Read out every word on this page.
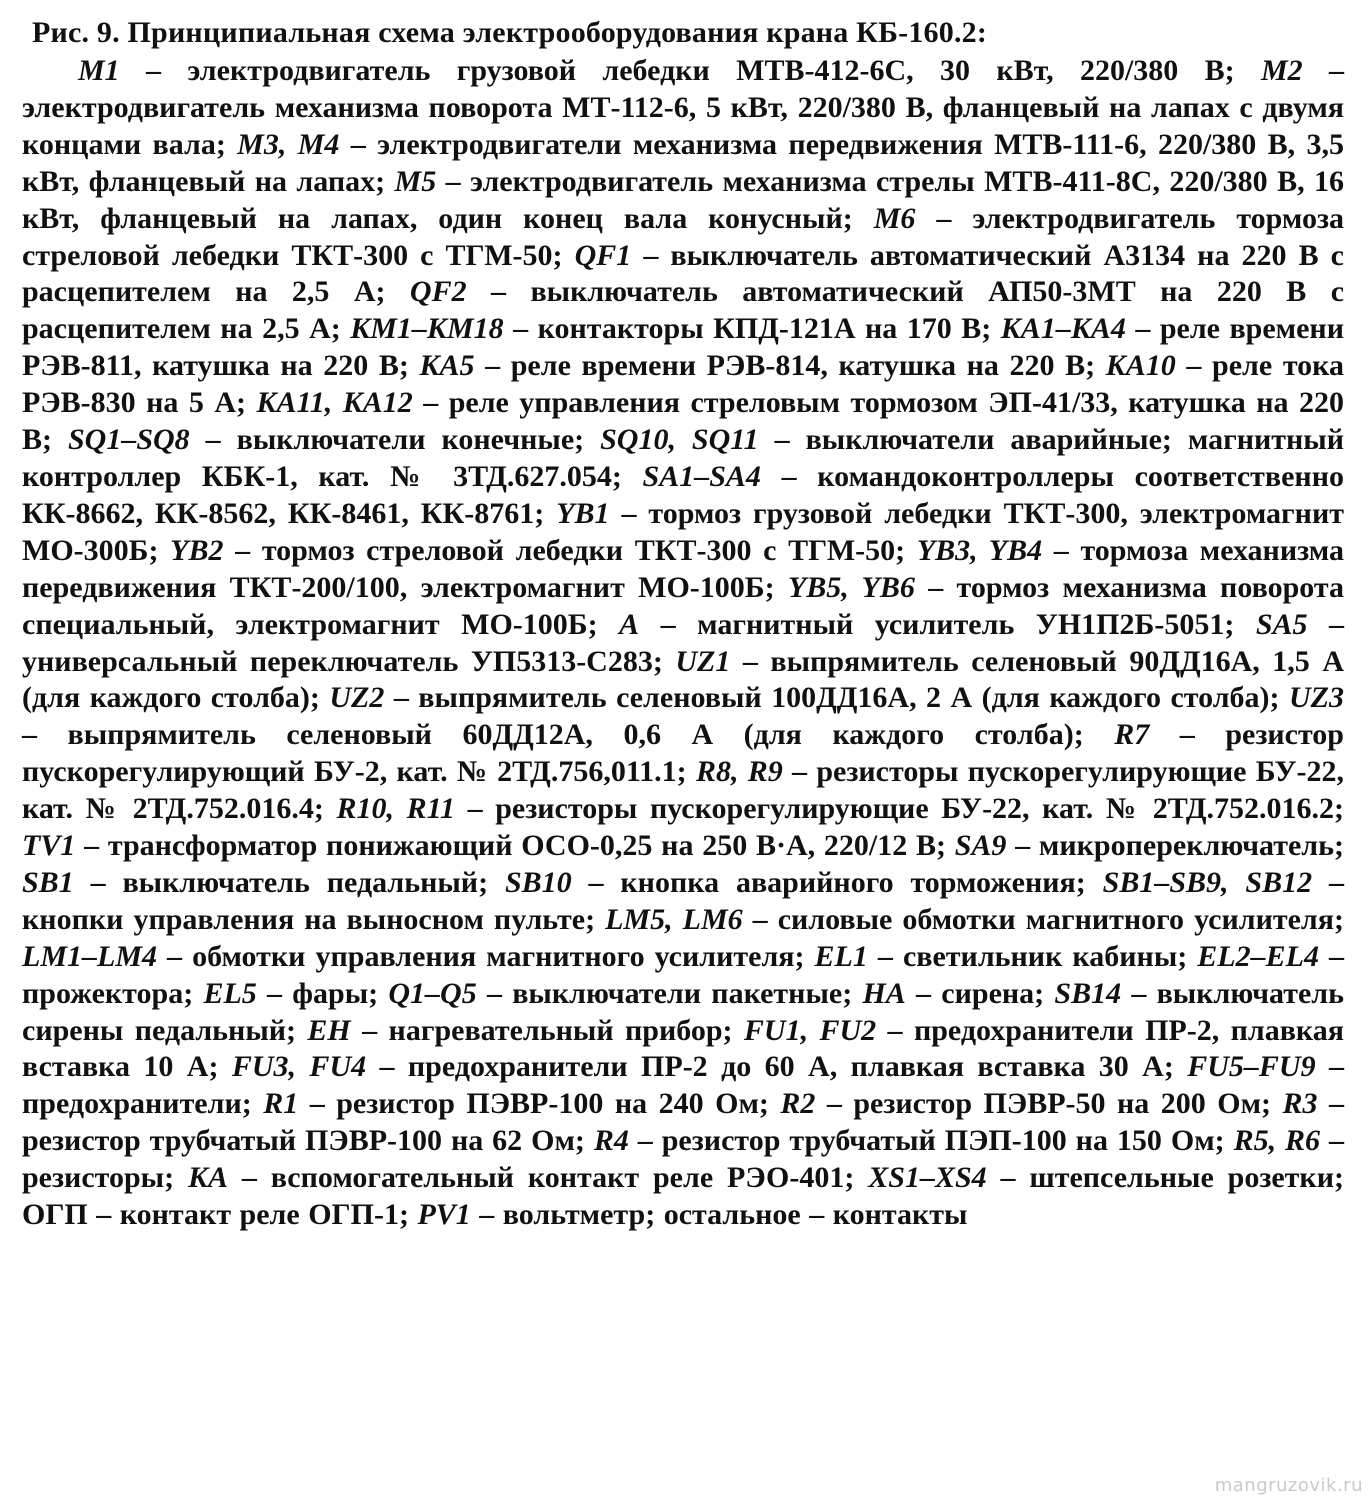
Рис. 9. Принципиальная схема электрооборудования крана КБ-160.2:

M1 – электродвигатель грузовой лебедки МТВ-412-6С, 30 кВт, 220/380 В; M2 – электродвигатель механизма поворота МТ-112-6, 5 кВт, 220/380 В, фланцевый на лапах с двумя концами вала; M3, M4 – электродвигатели механизма передвижения МТВ-111-6, 220/380 В, 3,5 кВт, фланцевый на лапах; M5 – электродвигатель механизма стрелы МТВ-411-8С, 220/380 В, 16 кВт, фланцевый на лапах, один конец вала конусный; M6 – электродвигатель тормоза стреловой лебедки ТКТ-300 с ТГМ-50; QF1 – выключатель автоматический А3134 на 220 В с расцепителем на 2,5 А; QF2 – выключатель автоматический АП50-3МТ на 220 В с расцепителем на 2,5 А; KM1–KM18 – контакторы КПД-121А на 170 В; KA1–KA4 – реле времени РЭВ-811, катушка на 220 В; KA5 – реле времени РЭВ-814, катушка на 220 В; KA10 – реле тока РЭВ-830 на 5 А; KA11, KA12 – реле управления стреловым тормозом ЭП-41/33, катушка на 220 В; SQ1–SQ8 – выключатели конечные; SQ10, SQ11 – выключатели аварийные; магнитный контроллер КБК-1, кат. № 3ТД.627.054; SA1–SA4 – командоконтроллеры соответственно КК-8662, КК-8562, КК-8461, КК-8761; YB1 – тормоз грузовой лебедки ТКТ-300, электромагнит МО-300Б; YB2 – тормоз стреловой лебедки ТКТ-300 с ТГМ-50; YB3, YB4 – тормоза механизма передвижения ТКТ-200/100, электромагнит МО-100Б; YB5, YB6 – тормоз механизма поворота специальный, электромагнит МО-100Б; A – магнитный усилитель УН1П2Б-5051; SA5 – универсальный переключатель УП5313-С283; UZ1 – выпрямитель селеновый 90ДД16А, 1,5 А (для каждого столба); UZ2 – выпрямитель селеновый 100ДД16А, 2 А (для каждого столба); UZ3 – выпрямитель селеновый 60ДД12А, 0,6 А (для каждого столба); R7 – резистор пускорегулирующий БУ-2, кат. № 2ТД.756,011.1; R8, R9 – резисторы пускорегулирующие БУ-22, кат. № 2ТД.752.016.4; R10, R11 – резисторы пускорегулирующие БУ-22, кат. № 2ТД.752.016.2; TV1 – трансформатор понижающий ОСО-0,25 на 250 В·А, 220/12 В; SA9 – микропереключатель; SB1 – выключатель педальный; SB10 – кнопка аварийного торможения; SB1–SB9, SB12 – кнопки управления на выносном пульте; LM5, LM6 – силовые обмотки магнитного усилителя; LM1–LM4 – обмотки управления магнитного усилителя; EL1 – светильник кабины; EL2–EL4 – прожектора; EL5 – фары; Q1–Q5 – выключатели пакетные; HA – сирена; SB14 – выключатель сирены педальный; EH – нагревательный прибор; FU1, FU2 – предохранители ПР-2, плавкая вставка 10 А; FU3, FU4 – предохранители ПР-2 до 60 А, плавкая вставка 30 А; FU5–FU9 – предохранители; R1 – резистор ПЭВР-100 на 240 Ом; R2 – резистор ПЭВР-50 на 200 Ом; R3 – резистор трубчатый ПЭВР-100 на 62 Ом; R4 – резистор трубчатый ПЭП-100 на 150 Ом; R5, R6 – резисторы; KA – вспомогательный контакт реле РЭО-401; XS1–XS4 – штепсельные розетки; ОГП – контакт реле ОГП-1; PV1 – вольтметр; остальное – контакты

mangruzovik.ru
